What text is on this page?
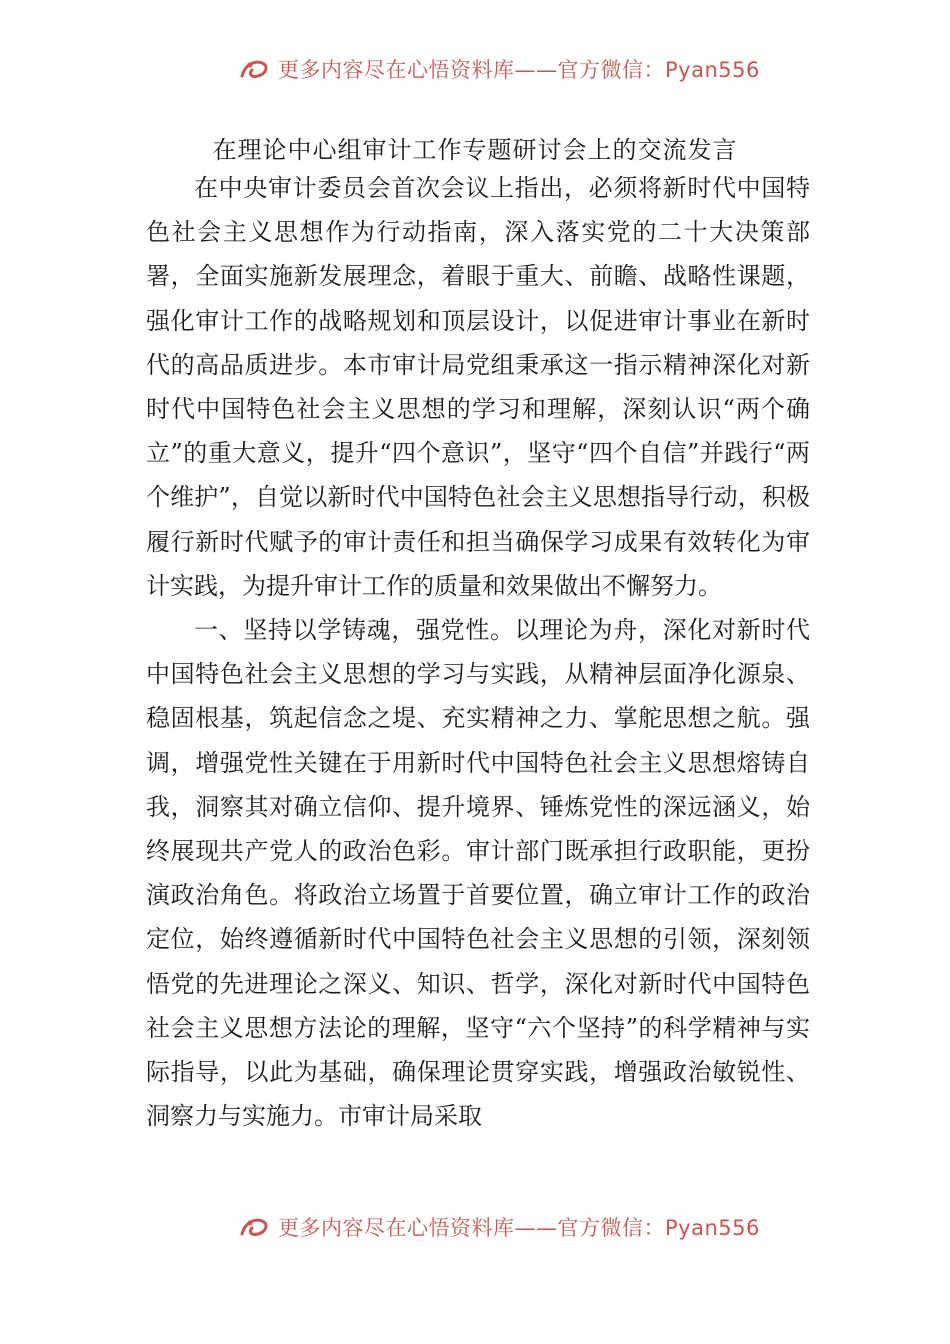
更多内容尽在心悟资料库——官方微信：Pyan556
在理论中心组审计工作专题研讨会上的交流发言

在中央审计委员会首次会议上指出，必须将新时代中国特色社会主义思想作为行动指南，深入落实党的二十大决策部署，全面实施新发展理念，着眼于重大、前瞻、战略性课题，强化审计工作的战略规划和顶层设计，以促进审计事业在新时代的高品质进步。本市审计局党组秉承这一指示精神深化对新时代中国特色社会主义思想的学习和理解，深刻认识“两个确立”的重大意义，提升“四个意识”，坚守“四个自信”并践行“两个维护”，自觉以新时代中国特色社会主义思想指导行动，积极履行新时代赋予的审计责任和担当确保学习成果有效转化为审计实践，为提升审计工作的质量和效果做出不懈努力。

一、坚持以学铸魂，强党性。以理论为舟，深化对新时代中国特色社会主义思想的学习与实践，从精神层面净化源泉、稳固根基，筑起信念之堤、充实精神之力、掌舵思想之航。强调，增强党性关键在于用新时代中国特色社会主义思想熔铸自我，洞察其对确立信仰、提升境界、锤炼党性的深远涵义，始终展现共产党人的政治色彩。审计部门既承担行政职能，更扮演政治角色。将政治立场置于首要位置，确立审计工作的政治定位，始终遵循新时代中国特色社会主义思想的引领，深刻领悟党的先进理论之深义、知识、哲学，深化对新时代中国特色社会主义思想方法论的理解，坚守“六个坚持”的科学精神与实际指导，以此为基础，确保理论贯穿实践，增强政治敏锐性、洞察力与实施力。市审计局采取

更多内容尽在心悟资料库——官方微信：Pyan556
